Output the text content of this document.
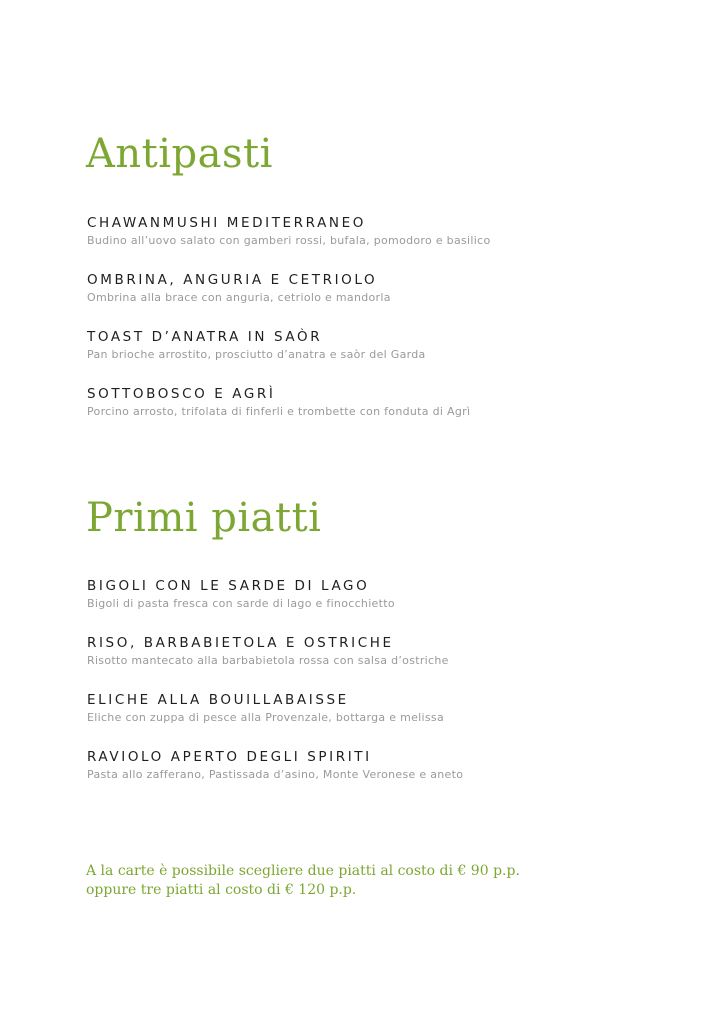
Antipasti
CHAWANMUSHI MEDITERRANEO
Budino all’uovo salato con gamberi rossi, bufala, pomodoro e basilico
OMBRINA, ANGURIA E CETRIOLO
Ombrina alla brace con anguria, cetriolo e mandorla
TOAST D’ANATRA IN SAÒR
Pan brioche arrostito, prosciutto d’anatra e saòr del Garda
SOTTOBOSCO E AGRÌ
Porcino arrosto, trifolata di finferli e trombette con fonduta di Agrì
Primi piatti
BIGOLI CON LE SARDE DI LAGO
Bigoli di pasta fresca con sarde di lago e finocchietto
RISO, BARBABIETOLA E OSTRICHE
Risotto mantecato alla barbabietola rossa con salsa d’ostriche
ELICHE ALLA BOUILLABAISSE
Eliche con zuppa di pesce alla Provenzale, bottarga e melissa
RAVIOLO APERTO DEGLI SPIRITI
Pasta allo zafferano, Pastissada d’asino, Monte Veronese e aneto
A la carte è possibile scegliere due piatti al costo di € 90 p.p.
oppure tre piatti al costo di € 120 p.p.
